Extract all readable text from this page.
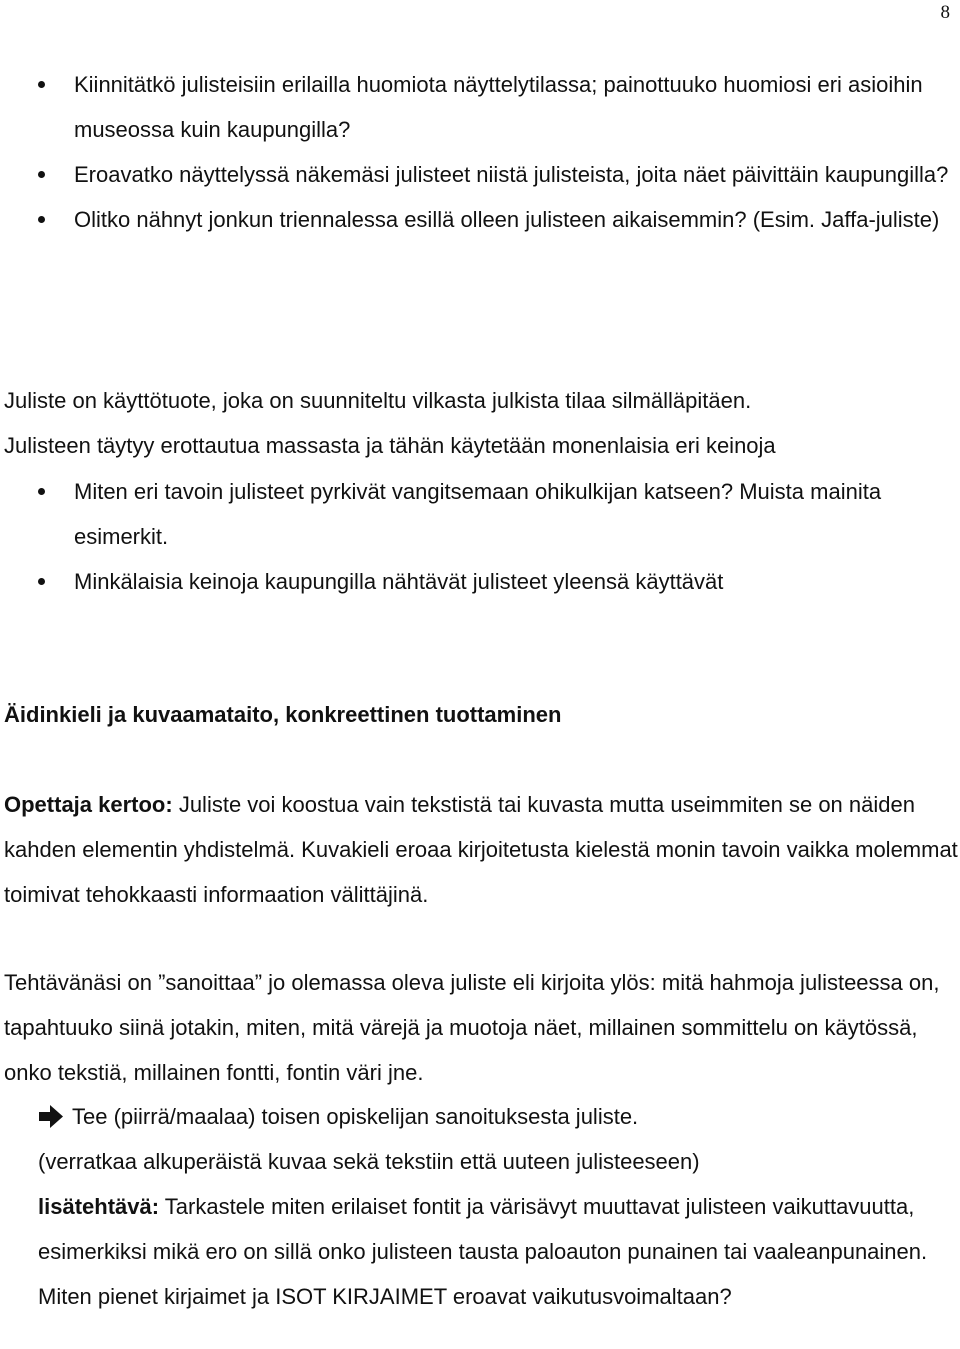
8
Kiinnitätkö julisteisiin erilailla huomiota näyttelytilassa; painottuuko huomiosi eri asioihin museossa kuin kaupungilla?
Eroavatko näyttelyssä näkemäsi julisteet niistä julisteista, joita näet päivittäin kaupungilla?
Olitko nähnyt jonkun triennalessa esillä olleen julisteen aikaisemmin? (Esim. Jaffa-juliste)

Juliste on käyttötuote, joka on suunniteltu vilkasta julkista tilaa silmälläpitäen.

Julisteen täytyy erottautua massasta ja tähän käytetään monenlaisia eri keinoja

Miten eri tavoin julisteet pyrkivät vangitsemaan ohikulkijan katseen? Muista mainita esimerkit.
Minkälaisia keinoja kaupungilla nähtävät julisteet yleensä käyttävät
Äidinkieli ja kuvaamataito, konkreettinen tuottaminen
Opettaja kertoo: Juliste voi koostua vain tekstistä tai kuvasta mutta useimmiten se on näiden kahden elementin yhdistelmä. Kuvakieli eroaa kirjoitetusta kielestä monin tavoin vaikka molemmat toimivat tehokkaasti informaation välittäjinä.
Tehtävänäsi on ”sanoittaa” jo olemassa oleva juliste eli kirjoita ylös: mitä hahmoja julisteessa on, tapahtuuko siinä jotakin, miten, mitä värejä ja muotoja näet, millainen sommittelu on käytössä, onko tekstiä, millainen fontti, fontin väri jne.
Tee (piirrä/maalaa) toisen opiskelijan sanoituksesta juliste.

(verratkaa alkuperäistä kuvaa sekä tekstiin että uuteen julisteeseen)

lisätehtävä: Tarkastele miten erilaiset fontit ja värisävyt muuttavat julisteen vaikuttavuutta, esimerkiksi mikä ero on sillä onko julisteen tausta paloauton punainen tai vaaleanpunainen. Miten pienet kirjaimet ja ISOT KIRJAIMET eroavat vaikutusvoimaltaan?
